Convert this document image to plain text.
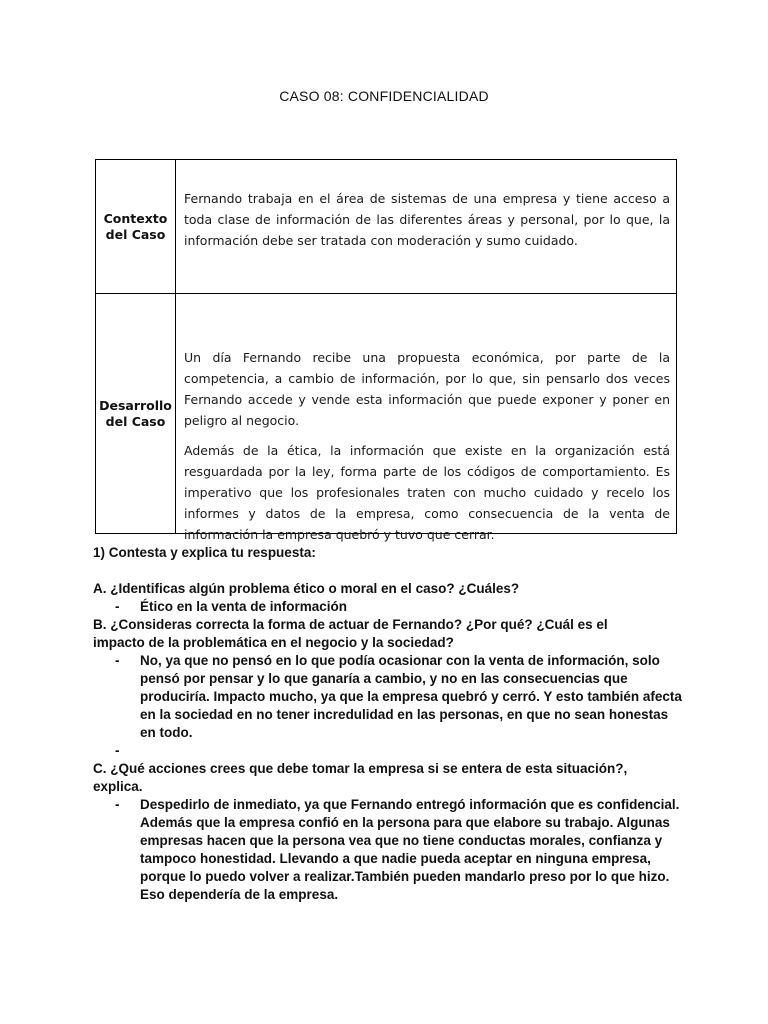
CASO 08: CONFIDENCIALIDAD
Contexto
del Caso

Fernando trabaja en el área de sistemas de una empresa y tiene acceso a toda clase de información de las diferentes áreas y personal, por lo que, la información debe ser tratada con moderación y sumo cuidado.

Desarrollo
del Caso

Un día Fernando recibe una propuesta económica, por parte de la competencia, a cambio de información, por lo que, sin pensarlo dos veces Fernando accede y vende esta información que puede exponer y poner en peligro al negocio.

Además de la ética, la información que existe en la organización está resguardada por la ley, forma parte de los códigos de comportamiento. Es imperativo que los profesionales traten con mucho cuidado y recelo los informes y datos de la empresa, como consecuencia de la venta de información la empresa quebró y tuvo que cerrar.

1) Contesta y explica tu respuesta:

A. ¿Identificas algún problema ético o moral en el caso? ¿Cuáles?

- Ético en la venta de información

B. ¿Consideras correcta la forma de actuar de Fernando? ¿Por qué? ¿Cuál es el

impacto de la problemática en el negocio y la sociedad?

- No, ya que no pensó en lo que podía ocasionar con la venta de información, solo pensó por pensar y lo que ganaría a cambio, y no en las consecuencias que produciría. Impacto mucho, ya que la empresa quebró y cerró. Y esto también afecta en la sociedad en no tener incredulidad en las personas, en que no sean honestas en todo.
-

C. ¿Qué acciones crees que debe tomar la empresa si se entera de esta situación?,

explica.

- Despedirlo de inmediato, ya que Fernando entregó información que es confidencial. Además que la empresa confió en la persona para que elabore su trabajo. Algunas empresas hacen que la persona vea que no tiene conductas morales, confianza y tampoco honestidad. Llevando a que nadie pueda aceptar en ninguna empresa, porque lo puedo volver a realizar.También pueden mandarlo preso por lo que hizo. Eso dependería de la empresa.
